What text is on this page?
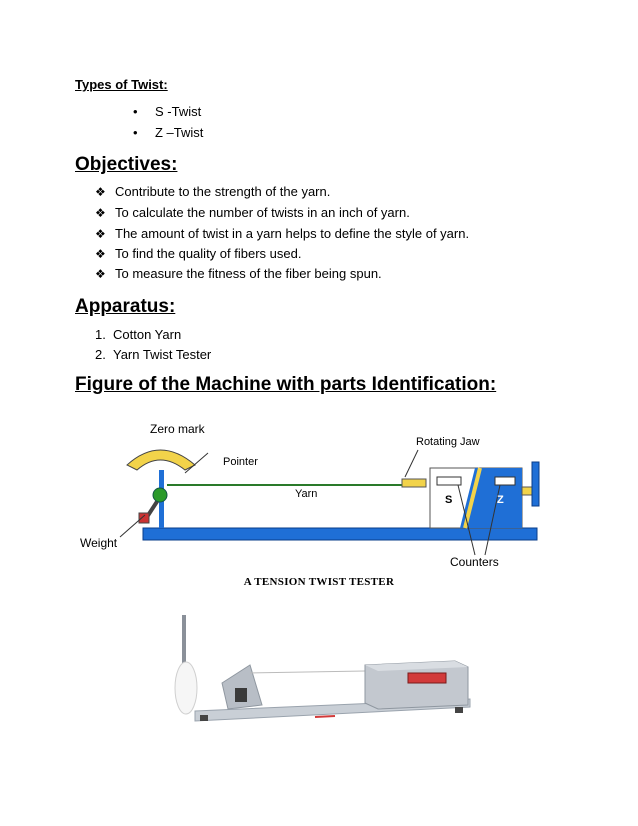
Types of Twist:
• S -Twist
• Z –Twist
Objectives:
❖ Contribute to the strength of the yarn.
❖ To calculate the number of twists in an inch of yarn.
❖ The amount of twist in a yarn helps to define the style of yarn.
❖ To find the quality of fibers used.
❖ To measure the fitness of the fiber being spun.
Apparatus:
1. Cotton Yarn
2. Yarn Twist Tester
Figure of the Machine with parts Identification:
Zero mark
Pointer
Rotating Jaw
Yarn
Weight
Counters
S	Z
A TENSION TWIST TESTER
